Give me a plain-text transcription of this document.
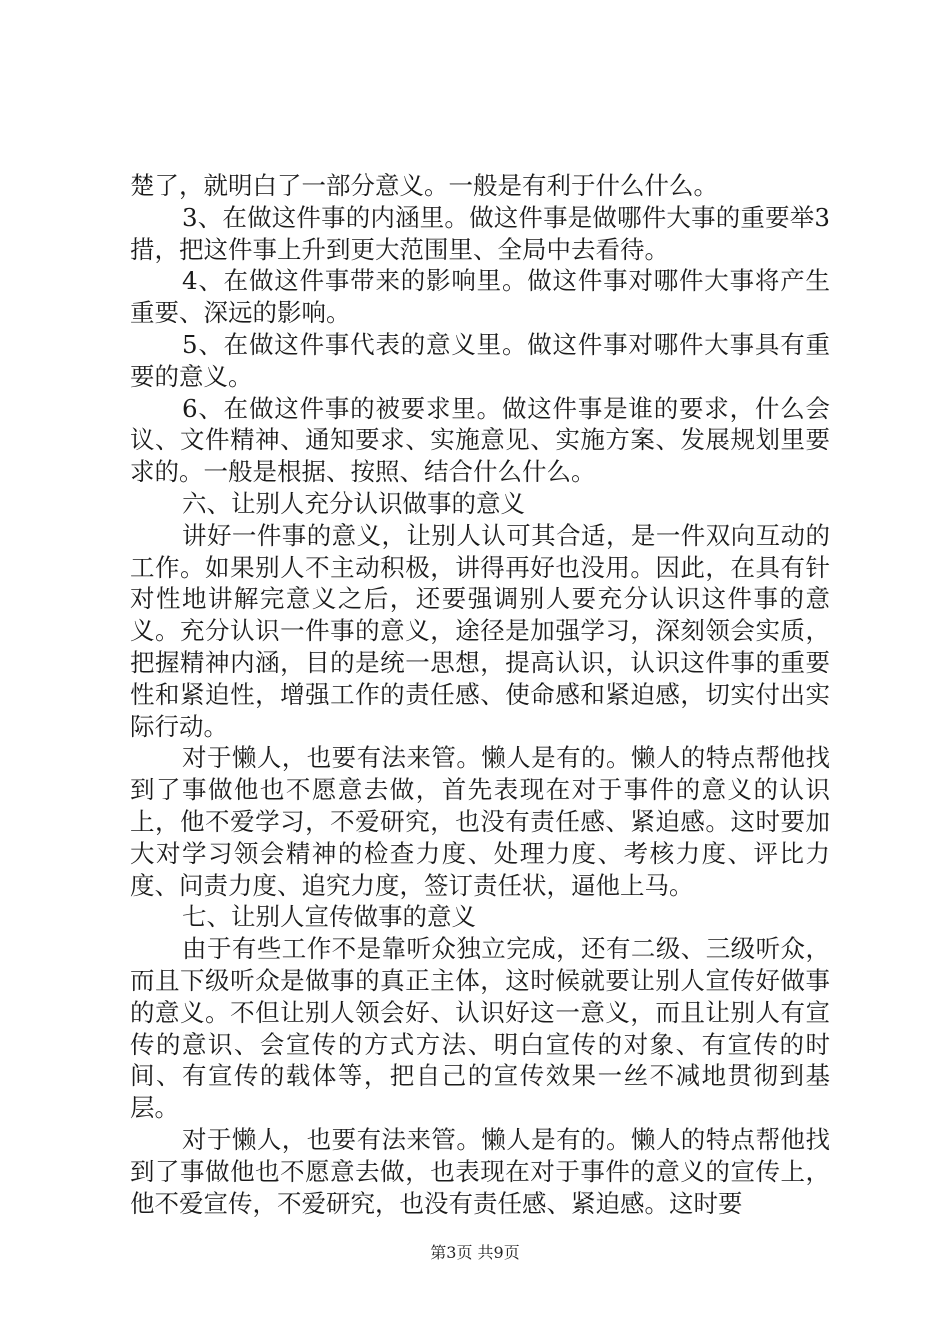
楚了，就明白了一部分意义。一般是有利于什么什么。

3、在做这件事的内涵里。做这件事是做哪件大事的重要举3措，把这件事上升到更大范围里、全局中去看待。

4、在做这件事带来的影响里。做这件事对哪件大事将产生重要、深远的影响。

5、在做这件事代表的意义里。做这件事对哪件大事具有重要的意义。

6、在做这件事的被要求里。做这件事是谁的要求，什么会议、文件精神、通知要求、实施意见、实施方案、发展规划里要求的。一般是根据、按照、结合什么什么。

六、让别人充分认识做事的意义

讲好一件事的意义，让别人认可其合适，是一件双向互动的工作。如果别人不主动积极，讲得再好也没用。因此，在具有针对性地讲解完意义之后，还要强调别人要充分认识这件事的意义。充分认识一件事的意义，途径是加强学习，深刻领会实质，把握精神内涵，目的是统一思想，提高认识，认识这件事的重要性和紧迫性，增强工作的责任感、使命感和紧迫感，切实付出实际行动。

对于懒人，也要有法来管。懒人是有的。懒人的特点帮他找到了事做他也不愿意去做，首先表现在对于事件的意义的认识上，他不爱学习，不爱研究，也没有责任感、紧迫感。这时要加大对学习领会精神的检查力度、处理力度、考核力度、评比力度、问责力度、追究力度，签订责任状，逼他上马。

七、让别人宣传做事的意义

由于有些工作不是靠听众独立完成，还有二级、三级听众，而且下级听众是做事的真正主体，这时候就要让别人宣传好做事的意义。不但让别人领会好、认识好这一意义，而且让别人有宣传的意识、会宣传的方式方法、明白宣传的对象、有宣传的时间、有宣传的载体等，把自己的宣传效果一丝不减地贯彻到基层。

对于懒人，也要有法来管。懒人是有的。懒人的特点帮他找到了事做他也不愿意去做，也表现在对于事件的意义的宣传上，他不爱宣传，不爱研究，也没有责任感、紧迫感。这时要

第3页 共9页
